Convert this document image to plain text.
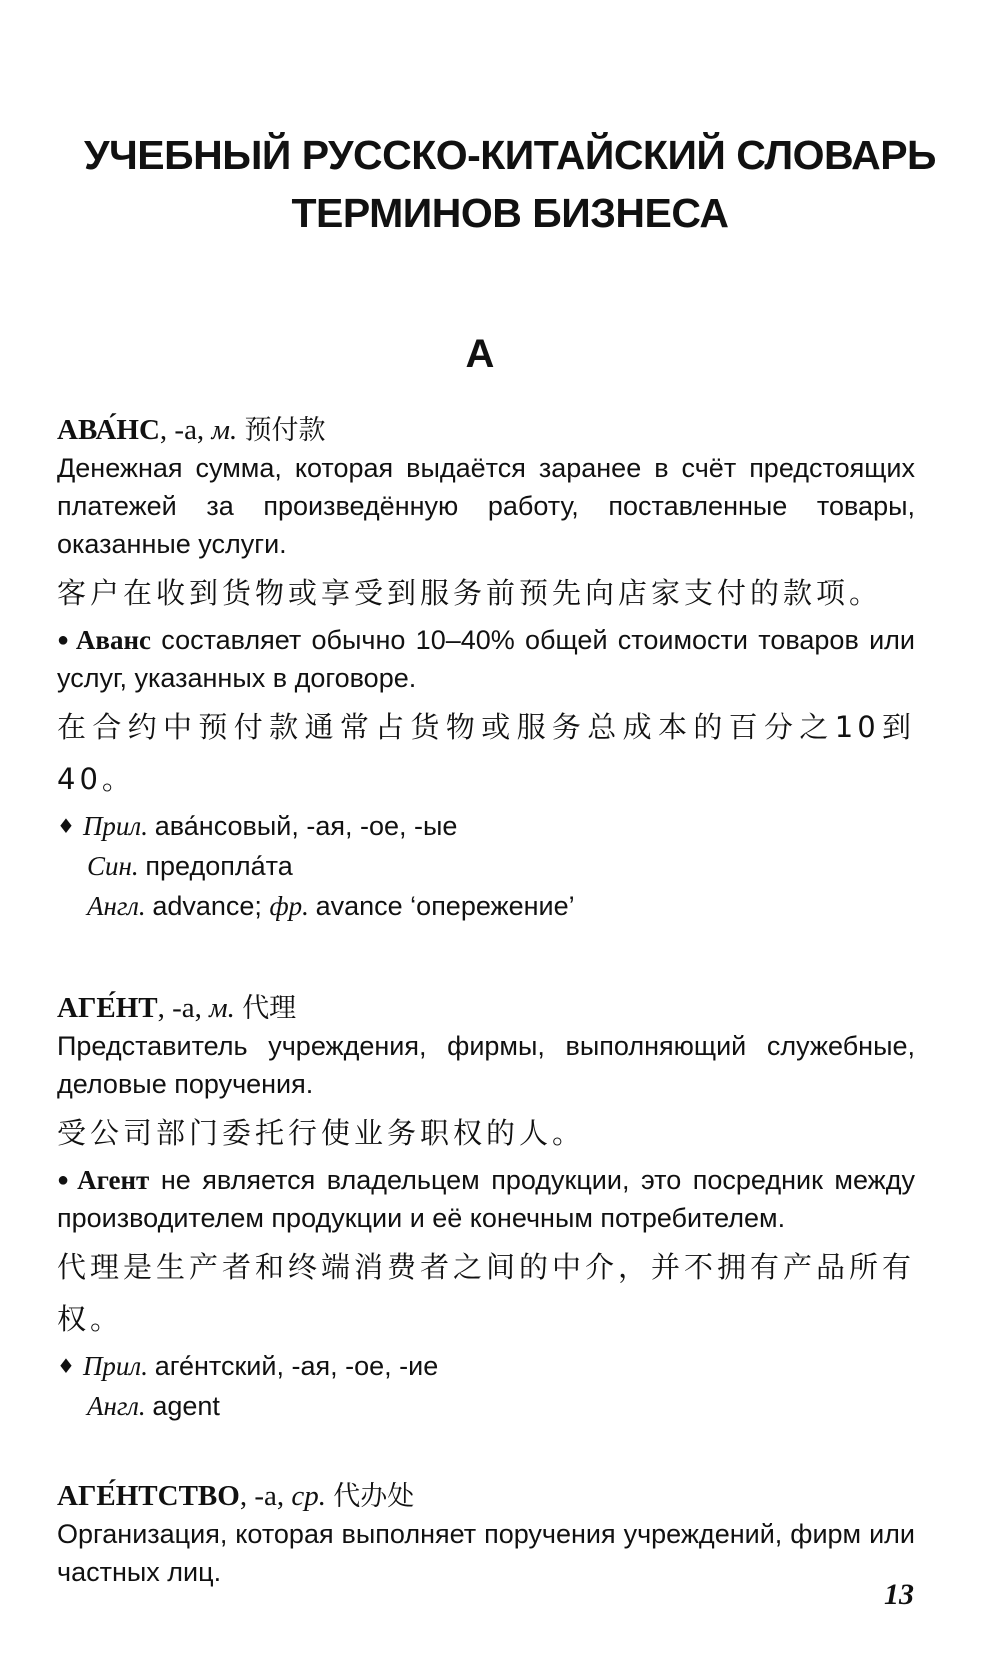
УЧЕБНЫЙ РУССКО-КИТАЙСКИЙ СЛОВАРЬ
ТЕРМИНОВ БИЗНЕСА
А
АВА́НС, -а, м. 预付款

Денежная сумма, которая выдаётся заранее в счёт предстоящих платежей за произведённую работу, поставленные товары, оказанные услуги.

客户在收到货物或享受到服务前预先向店家支付的款项。

● Аванс составляет обычно 10–40% общей стоимости товаров или услуг, указанных в договоре.

在合约中预付款通常占货物或服务总成本的百分之10到40。

♦ Прил. ава́нсовый, -ая, -ое, -ые
Син. предопла́та
Англ. advance; фр. avance ‘опережение’
АГЕ́НТ, -а, м. 代理

Представитель учреждения, фирмы, выполняющий служебные, деловые поручения.

受公司部门委托行使业务职权的人。

● Агент не является владельцем продукции, это посредник между производителем продукции и её конечным потребителем.

代理是生产者和终端消费者之间的中介，并不拥有产品所有权。

♦ Прил. аге́нтский, -ая, -ое, -ие
Англ. agent
АГЕ́НТСТВО, -а, ср. 代办处

Организация, которая выполняет поручения учреждений, фирм или частных лиц.

13
